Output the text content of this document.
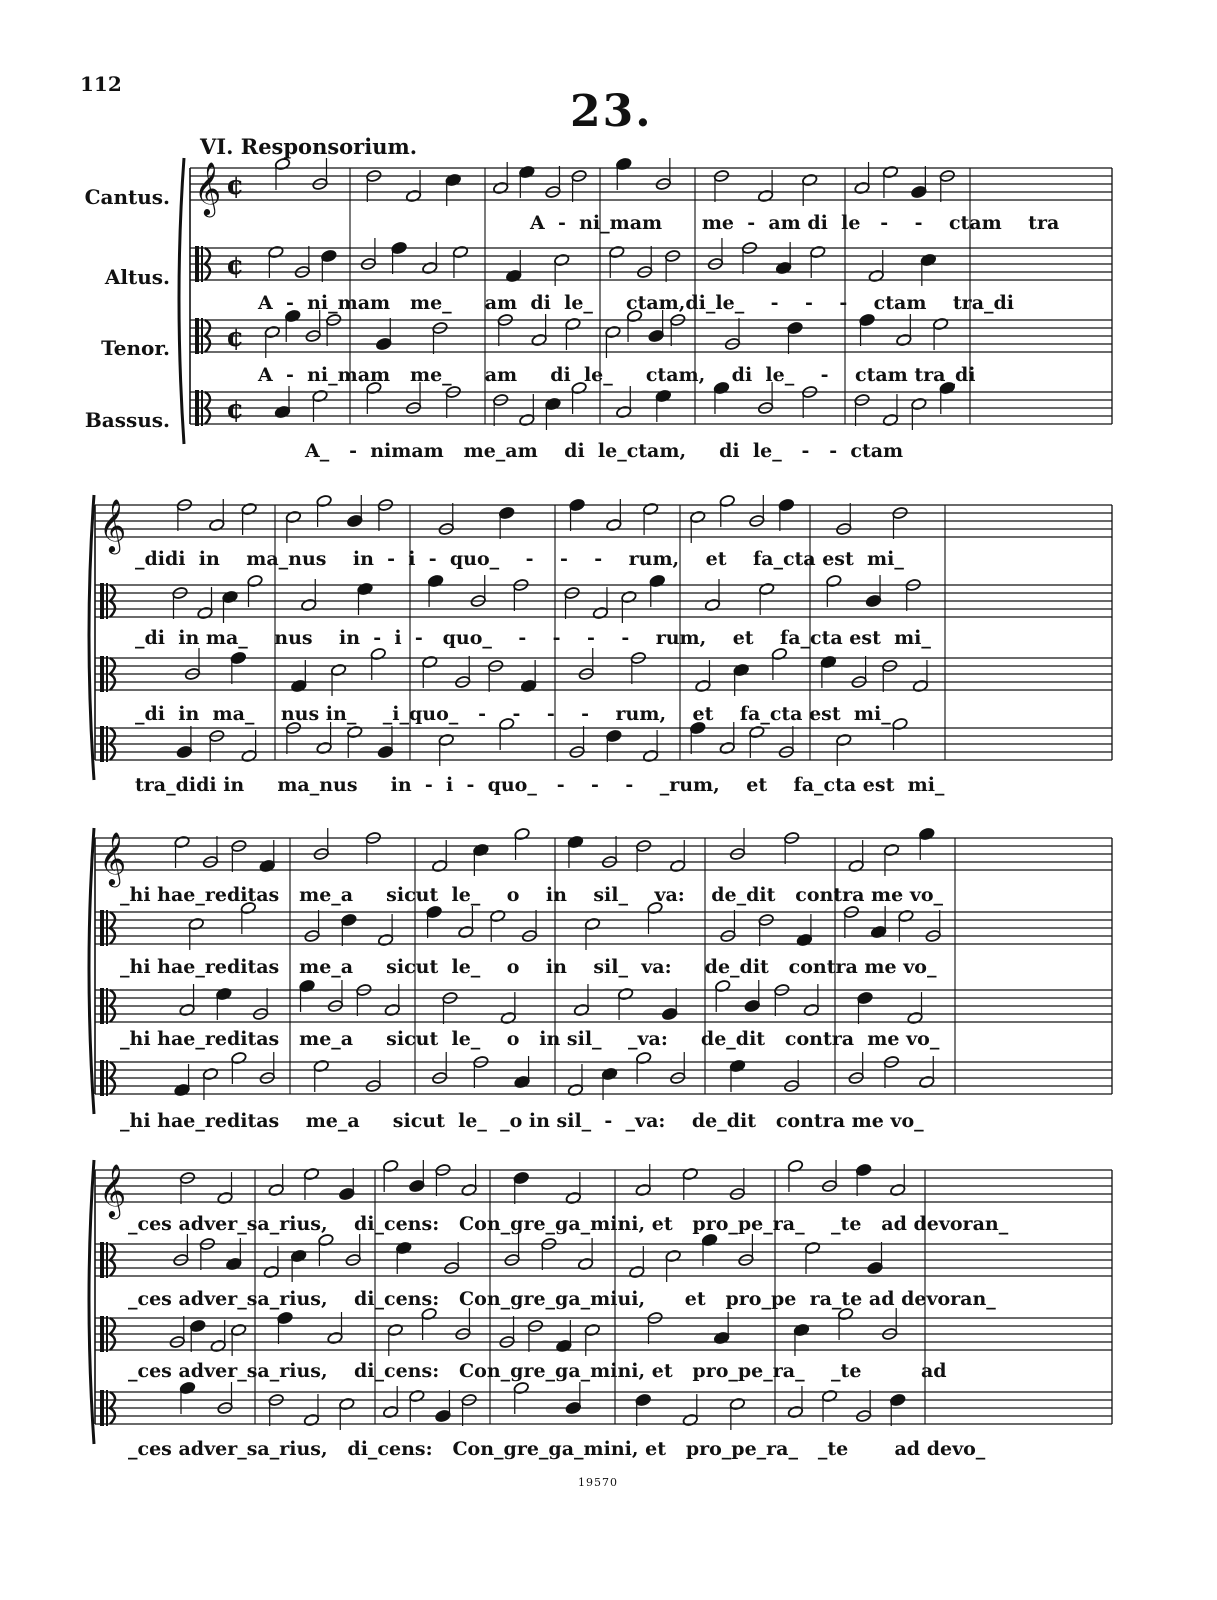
112
23.
VI. Responsorium.
Cantus.
Altus.
Tenor.
Bassus.
𝄞 ¢
¢
¢
¢
𝄞
𝄞
𝄞
A  -  ni_mam      me  -  am di  le   -    -    ctam    tra
A  -  ni_mam   me_     am  di  le_     ctam,di_le_    -    -    -    ctam    tra_di
A  -  ni_mam   me_     am     di  le_     ctam,    di  le_    -    ctam tra_di
A_   -  nimam   me_am    di  le_ctam,     di  le_   -   -  ctam
_didi  in    ma_nus    in  -  i  -  quo_    -    -    -    rum,    et    fa_cta est  mi_
_di  in ma_    nus    in  -  i  -   quo_    -    -    -    -    rum,    et    fa_cta est  mi_
_di  in  ma_    nus in_    _i_quo_   -    -    -    -    rum,    et    fa_cta est  mi_
tra_didi in     ma_nus     in  -  i  -  quo_   -    -    -    _rum,    et    fa_cta est  mi_
_hi hae_reditas   me_a     sicut  le_    o    in    sil_    va:    de_dit   contra me vo_
_hi hae_reditas   me_a     sicut  le_    o    in    sil_  va:     de_dit   contra me vo_
_hi hae_reditas   me_a     sicut  le_    o   in sil_    _va:     de_dit   contra  me vo_
_hi hae_reditas    me_a     sicut  le_  _o in sil_  -  _va:    de_dit   contra me vo_
_ces adver_sa_rius,    di_cens:   Con_gre_ga_mini, et   pro_pe_ra_    _te   ad devoran_
_ces adver_sa_rius,    di_cens:   Con_gre_ga_miui,      et   pro_pe  ra_te ad devoran_
_ces adver_sa_rius,    di_cens:   Con_gre_ga_mini, et   pro_pe_ra_    _te         ad
_ces adver_sa_rius,   di_cens:   Con_gre_ga_mini, et   pro_pe_ra_   _te       ad devo_
19570
